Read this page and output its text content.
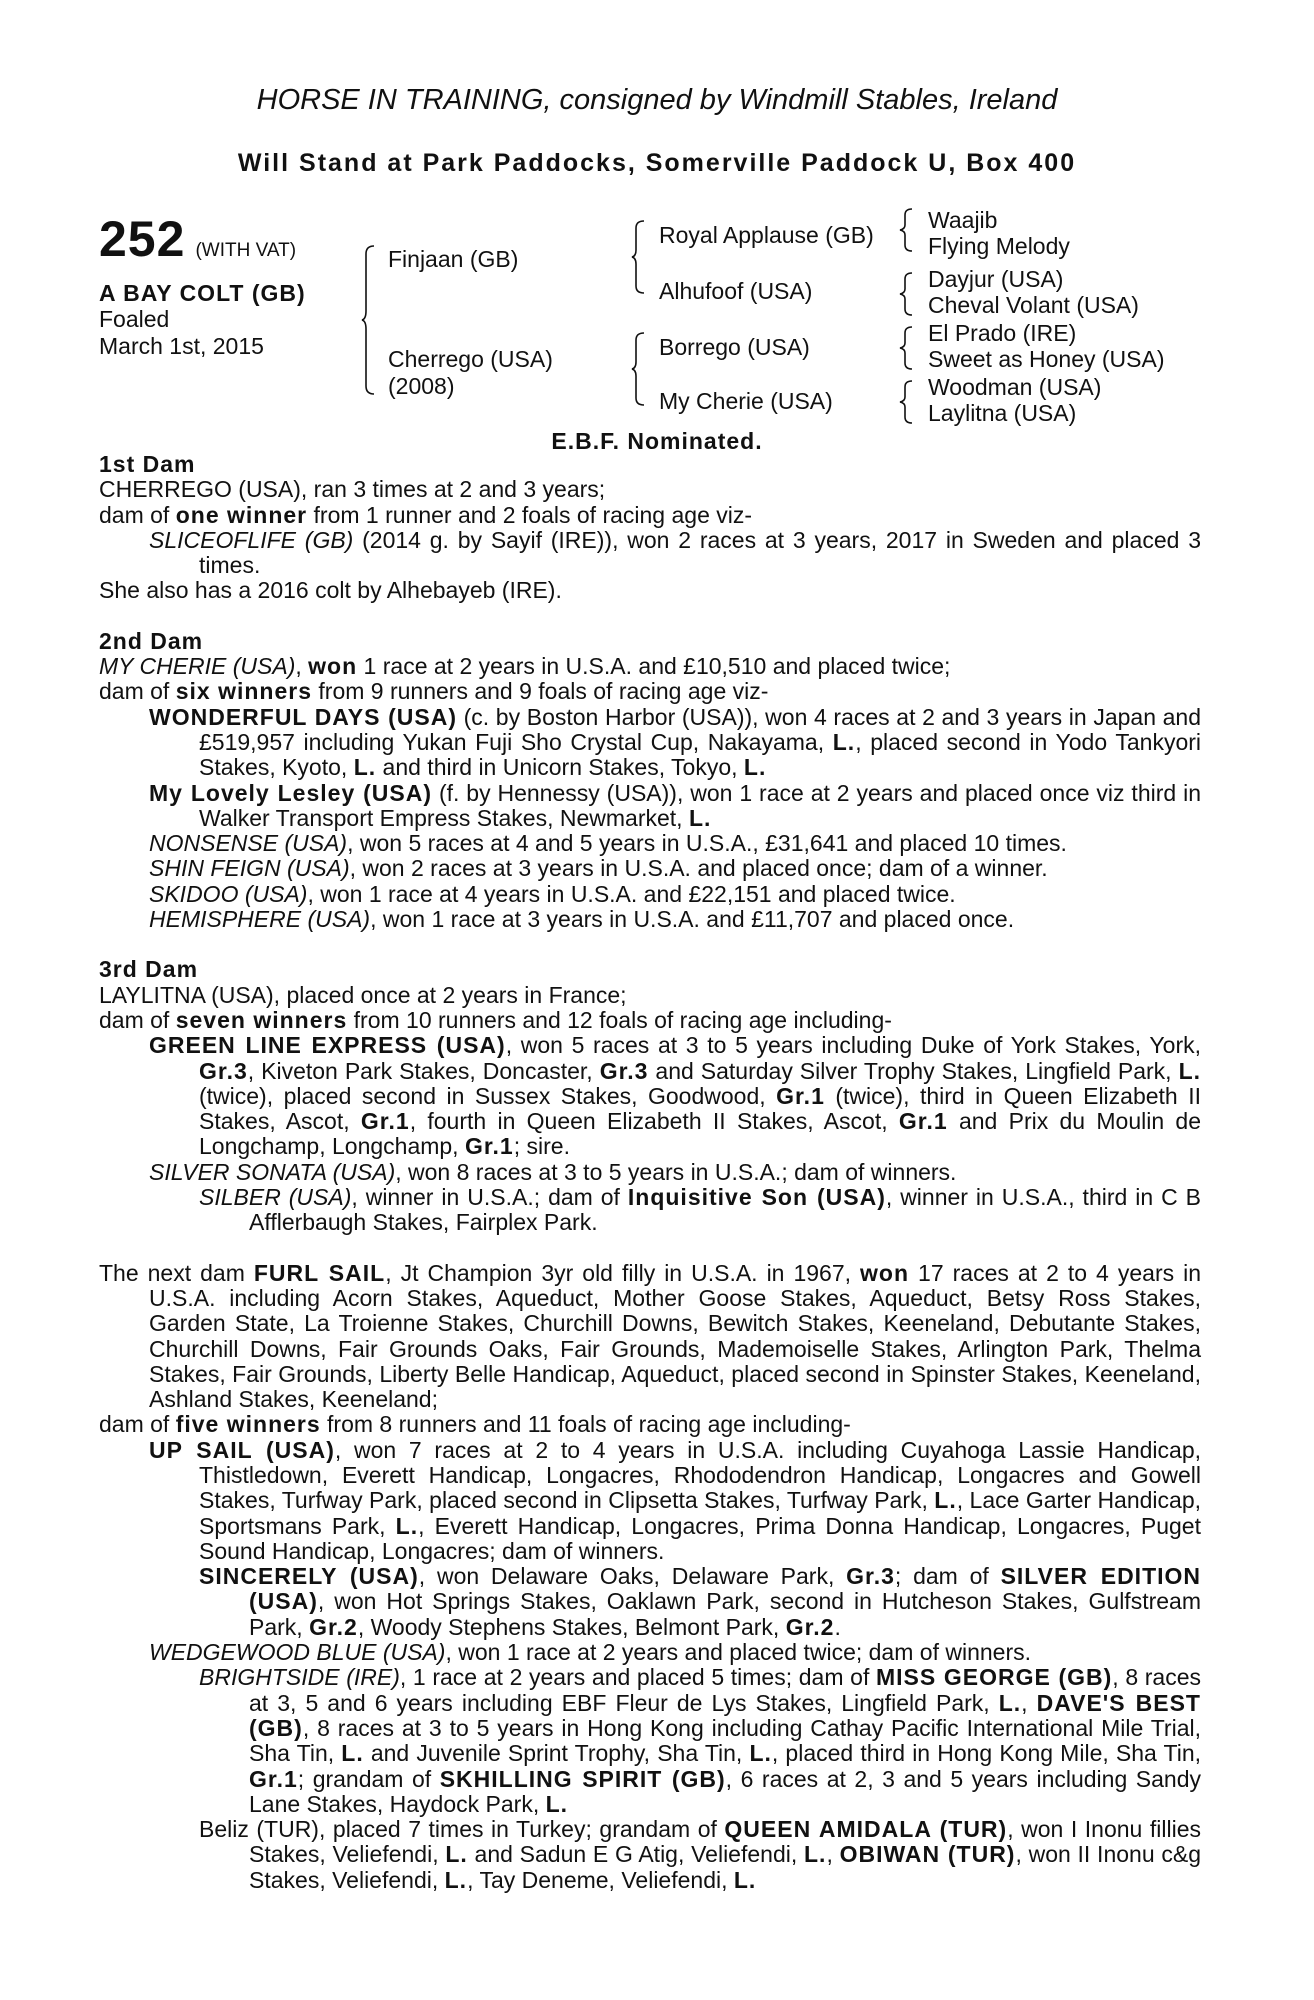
HORSE IN TRAINING, consigned by Windmill Stables, Ireland
Will Stand at Park Paddocks, Somerville Paddock U, Box 400
252 (WITH VAT)
A BAY COLT (GB)
Foaled
March 1st, 2015
Finjaan (GB)
Cherrego (USA)
(2008)
Royal Applause (GB)
Alhufoof (USA)
Borrego (USA)
My Cherie (USA)
Waajib
Flying Melody
Dayjur (USA)
Cheval Volant (USA)
El Prado (IRE)
Sweet as Honey (USA)
Woodman (USA)
Laylitna (USA)
E.B.F. Nominated.
1st Dam

CHERREGO (USA), ran 3 times at 2 and 3 years;

dam of one winner from 1 runner and 2 foals of racing age viz-

SLICEOFLIFE (GB) (2014 g. by Sayif (IRE)), won 2 races at 3 years, 2017 in Sweden and placed 3 times.

She also has a 2016 colt by Alhebayeb (IRE).

2nd Dam

MY CHERIE (USA), won 1 race at 2 years in U.S.A. and £10,510 and placed twice;

dam of six winners from 9 runners and 9 foals of racing age viz-

WONDERFUL DAYS (USA) (c. by Boston Harbor (USA)), won 4 races at 2 and 3 years in Japan and £519,957 including Yukan Fuji Sho Crystal Cup, Nakayama, L., placed second in Yodo Tankyori Stakes, Kyoto, L. and third in Unicorn Stakes, Tokyo, L.

My Lovely Lesley (USA) (f. by Hennessy (USA)), won 1 race at 2 years and placed once viz third in Walker Transport Empress Stakes, Newmarket, L.

NONSENSE (USA), won 5 races at 4 and 5 years in U.S.A., £31,641 and placed 10 times.

SHIN FEIGN (USA), won 2 races at 3 years in U.S.A. and placed once; dam of a winner.

SKIDOO (USA), won 1 race at 4 years in U.S.A. and £22,151 and placed twice.

HEMISPHERE (USA), won 1 race at 3 years in U.S.A. and £11,707 and placed once.

3rd Dam

LAYLITNA (USA), placed once at 2 years in France;

dam of seven winners from 10 runners and 12 foals of racing age including-

GREEN LINE EXPRESS (USA), won 5 races at 3 to 5 years including Duke of York Stakes, York, Gr.3, Kiveton Park Stakes, Doncaster, Gr.3 and Saturday Silver Trophy Stakes, Lingfield Park, L. (twice), placed second in Sussex Stakes, Goodwood, Gr.1 (twice), third in Queen Elizabeth II Stakes, Ascot, Gr.1, fourth in Queen Elizabeth II Stakes, Ascot, Gr.1 and Prix du Moulin de Longchamp, Longchamp, Gr.1; sire.

SILVER SONATA (USA), won 8 races at 3 to 5 years in U.S.A.; dam of winners.

SILBER (USA), winner in U.S.A.; dam of Inquisitive Son (USA), winner in U.S.A., third in C B Afflerbaugh Stakes, Fairplex Park.

The next dam FURL SAIL, Jt Champion 3yr old filly in U.S.A. in 1967, won 17 races at 2 to 4 years in U.S.A. including Acorn Stakes, Aqueduct, Mother Goose Stakes, Aqueduct, Betsy Ross Stakes, Garden State, La Troienne Stakes, Churchill Downs, Bewitch Stakes, Keeneland, Debutante Stakes, Churchill Downs, Fair Grounds Oaks, Fair Grounds, Mademoiselle Stakes, Arlington Park, Thelma Stakes, Fair Grounds, Liberty Belle Handicap, Aqueduct, placed second in Spinster Stakes, Keeneland, Ashland Stakes, Keeneland;

dam of five winners from 8 runners and 11 foals of racing age including-

UP SAIL (USA), won 7 races at 2 to 4 years in U.S.A. including Cuyahoga Lassie Handicap, Thistledown, Everett Handicap, Longacres, Rhododendron Handicap, Longacres and Gowell Stakes, Turfway Park, placed second in Clipsetta Stakes, Turfway Park, L., Lace Garter Handicap, Sportsmans Park, L., Everett Handicap, Longacres, Prima Donna Handicap, Longacres, Puget Sound Handicap, Longacres; dam of winners.

SINCERELY (USA), won Delaware Oaks, Delaware Park, Gr.3; dam of SILVER EDITION (USA), won Hot Springs Stakes, Oaklawn Park, second in Hutcheson Stakes, Gulfstream Park, Gr.2, Woody Stephens Stakes, Belmont Park, Gr.2.

WEDGEWOOD BLUE (USA), won 1 race at 2 years and placed twice; dam of winners.

BRIGHTSIDE (IRE), 1 race at 2 years and placed 5 times; dam of MISS GEORGE (GB), 8 races at 3, 5 and 6 years including EBF Fleur de Lys Stakes, Lingfield Park, L., DAVE'S BEST (GB), 8 races at 3 to 5 years in Hong Kong including Cathay Pacific International Mile Trial, Sha Tin, L. and Juvenile Sprint Trophy, Sha Tin, L., placed third in Hong Kong Mile, Sha Tin, Gr.1; grandam of SKHILLING SPIRIT (GB), 6 races at 2, 3 and 5 years including Sandy Lane Stakes, Haydock Park, L.

Beliz (TUR), placed 7 times in Turkey; grandam of QUEEN AMIDALA (TUR), won I Inonu fillies Stakes, Veliefendi, L. and Sadun E G Atig, Veliefendi, L., OBIWAN (TUR), won II Inonu c&g Stakes, Veliefendi, L., Tay Deneme, Veliefendi, L.
